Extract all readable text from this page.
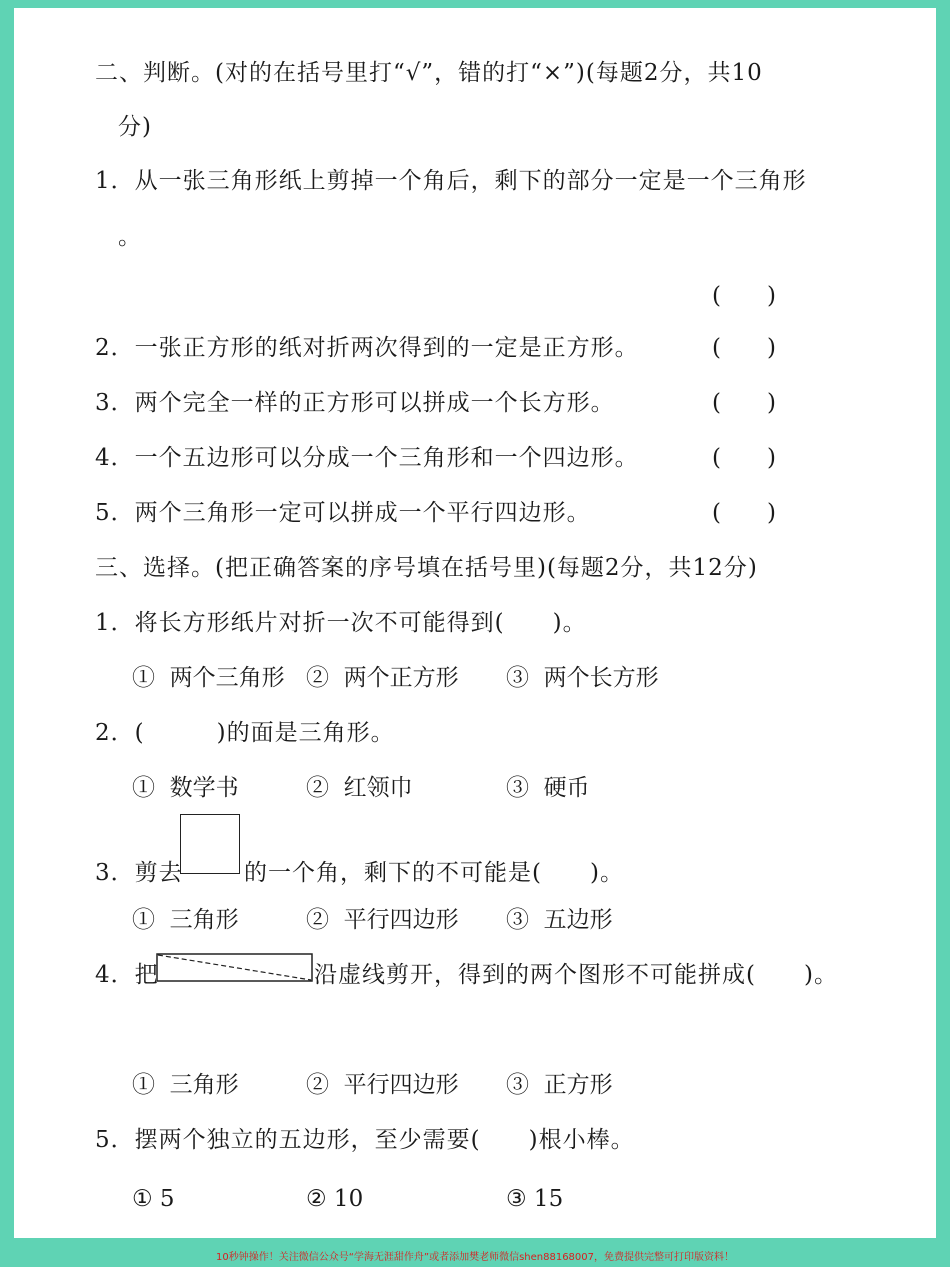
二、判断。(对的在括号里打“√”，错的打“×”)(每题2分，共10
分)
1．从一张三角形纸上剪掉一个角后，剩下的部分一定是一个三角形
。
(　　)
2．一张正方形的纸对折两次得到的一定是正方形。	(　　)
3．两个完全一样的正方形可以拼成一个长方形。	(　　)
4．一个五边形可以分成一个三角形和一个四边形。	(　　)
5．两个三角形一定可以拼成一个平行四边形。	(　　)
三、选择。(把正确答案的序号填在括号里)(每题2分，共12分)
1．将长方形纸片对折一次不可能得到(　　)。
①  两个三角形 ②  两个正方形 ③  两个长方形
2．(　　　)的面是三角形。
①  数学书	②  红领巾	③  硬币
3．剪去	的一个角，剩下的不可能是(　　)。
①  三角形	②  平行四边形 ③  五边形
4．把	沿虚线剪开，得到的两个图形不可能拼成(　　)。
①  三角形	②  平行四边形 ③  正方形
5．摆两个独立的五边形，至少需要(　　)根小棒。
① 5	② 10	③ 15
10秒钟操作！关注微信公众号“学海无涯甜作舟”或者添加樊老师微信shen88168007，免费提供完整可打印版资料！
